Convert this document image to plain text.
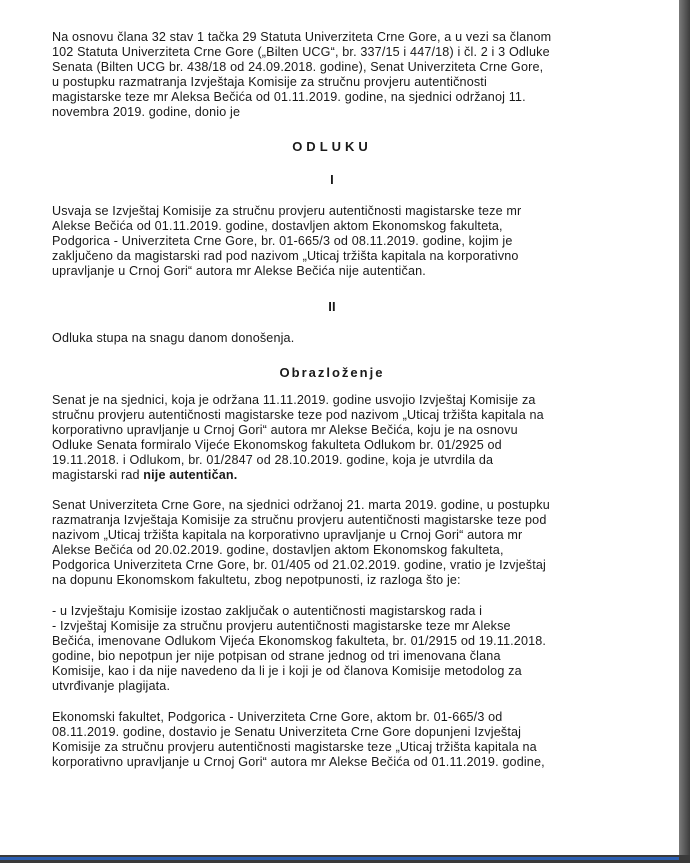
Na osnovu člana 32 stav 1 tačka 29 Statuta Univerziteta Crne Gore, a u vezi sa članom

102 Statuta Univerziteta Crne Gore („Bilten UCG“, br. 337/15 i 447/18) i čl. 2 i 3 Odluke

Senata (Bilten UCG br. 438/18 od 24.09.2018. godine), Senat Univerziteta Crne Gore,

u postupku razmatranja Izvještaja Komisije za stručnu provjeru autentičnosti

magistarske teze mr Aleksa Bečića od 01.11.2019. godine, na sjednici održanoj 11.

novembra 2019. godine, donio je

ODLUKU

I

Usvaja se Izvještaj Komisije za stručnu provjeru autentičnosti magistarske teze mr

Alekse Bečića od 01.11.2019. godine, dostavljen aktom Ekonomskog fakulteta,

Podgorica - Univerziteta Crne Gore, br. 01-665/3 od 08.11.2019. godine, kojim je

zaključeno da magistarski rad pod nazivom „Uticaj tržišta kapitala na korporativno

upravljanje u Crnoj Gori“ autora mr Alekse Bečića nije autentičan.

II

Odluka stupa na snagu danom donošenja.

Obrazloženje

Senat je na sjednici, koja je održana 11.11.2019. godine usvojio Izvještaj Komisije za

stručnu provjeru autentičnosti magistarske teze pod nazivom „Uticaj tržišta kapitala na

korporativno upravljanje u Crnoj Gori“ autora mr Alekse Bečića, koju je na osnovu

Odluke Senata formiralo Vijeće Ekonomskog fakulteta Odlukom br. 01/2925 od

19.11.2018. i Odlukom, br. 01/2847 od 28.10.2019. godine, koja je utvrdila da

magistarski rad nije autentičan.

Senat Univerziteta Crne Gore, na sjednici održanoj 21. marta 2019. godine, u postupku

razmatranja Izvještaja Komisije za stručnu provjeru autentičnosti magistarske teze pod

nazivom „Uticaj tržišta kapitala na korporativno upravljanje u Crnoj Gori“ autora mr

Alekse Bečića od 20.02.2019. godine, dostavljen aktom Ekonomskog fakulteta,

Podgorica Univerziteta Crne Gore, br. 01/405 od 21.02.2019. godine, vratio je Izvještaj

na dopunu Ekonomskom fakultetu, zbog nepotpunosti, iz razloga što je:

- u Izvještaju Komisije izostao zaključak o autentičnosti magistarskog rada i

- Izvještaj Komisije za stručnu provjeru autentičnosti magistarske teze mr Alekse

Bečića, imenovane Odlukom Vijeća Ekonomskog fakulteta, br. 01/2915 od 19.11.2018.

godine, bio nepotpun jer nije potpisan od strane jednog od tri imenovana člana

Komisije, kao i da nije navedeno da li je i koji je od članova Komisije metodolog za

utvrđivanje plagijata.

Ekonomski fakultet, Podgorica - Univerziteta Crne Gore, aktom br. 01-665/3 od

08.11.2019. godine, dostavio je Senatu Univerziteta Crne Gore dopunjeni Izvještaj

Komisije za stručnu provjeru autentičnosti magistarske teze „Uticaj tržišta kapitala na

korporativno upravljanje u Crnoj Gori“ autora mr Alekse Bečića od 01.11.2019. godine,
